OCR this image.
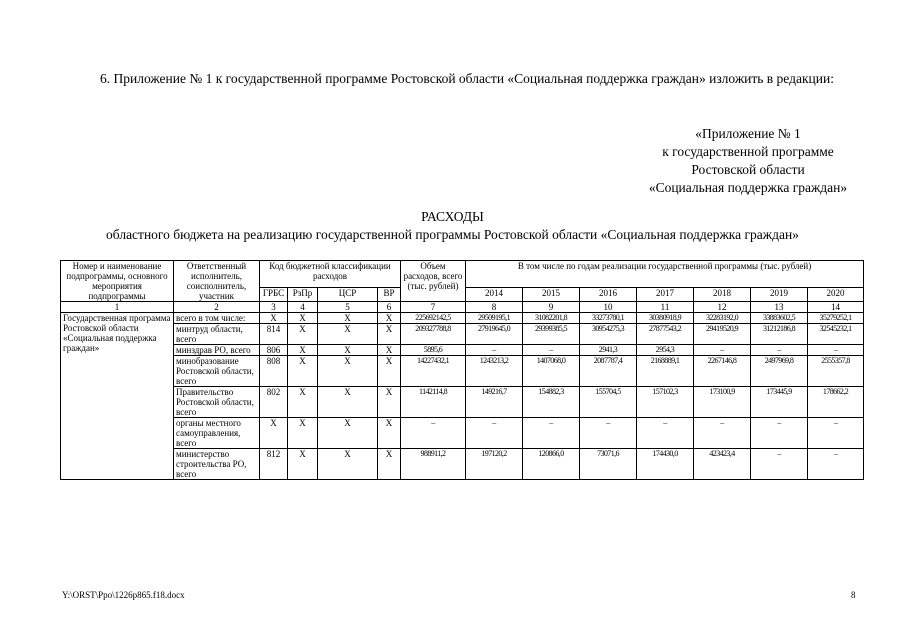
6. Приложение № 1 к государственной программе Ростовской области «Социальная поддержка граждан» изложить в редакции:
«Приложение № 1
к государственной программе
Ростовской области
«Социальная поддержка граждан»
РАСХОДЫ
областного бюджета на реализацию государственной программы Ростовской области «Социальная поддержка граждан»
Номер и наименование подпрограммы, основного мероприятия подпрограммы	Ответственный исполнитель, соисполнитель, участник	Код бюджетной классификации расходов				Объем расходов, всего (тыс. рублей)	В том числе по годам реализации государственной программы (тыс. рублей)						
		ГРБС	РзПр	ЦСР	ВР		2014	2015	2016	2017	2018	2019	2020
1	2	3	4	5	6	7	8	9	10	11	12	13	14
Государственная программа Ростовской области «Социальная поддержка граждан»	всего в том числе:	X	X	X	X	225692142,5	29509195,1	31082201,8	33273780,1	30380918,9	32283192,0	33883602,5	35279252,1
	минтруд области, всего	814	X	X	X	209327788,8	27919645,0	29399385,5	30954275,3	27877543,2	29419520,9	31212186,8	32545232,1
	минздрав РО, всего	806	X	X	X	5895,6	–	–	2941,3	2954,3	–	–	–
	минобразование Ростовской области, всего	808	X	X	X	14227432,1	1243213,2	1407068,0	2087787,4	2168889,1	2267146,8	2497969,8	2555357,8
	Правительство Ростовской области, всего	802	X	X	X	1142114,8	149216,7	154882,3	155704,5	157102,3	173100,9	173445,9	178662,2
	органы местного самоуправления, всего	X	X	X	X	–	–	–	–	–	–	–	–
	министерство строительства РО, всего	812	X	X	X	988911,2	197120,2	120866,0	73071,6	174430,0	423423,4	–	–
Y:\ORST\Ppo\1226p865.f18.docx	8
